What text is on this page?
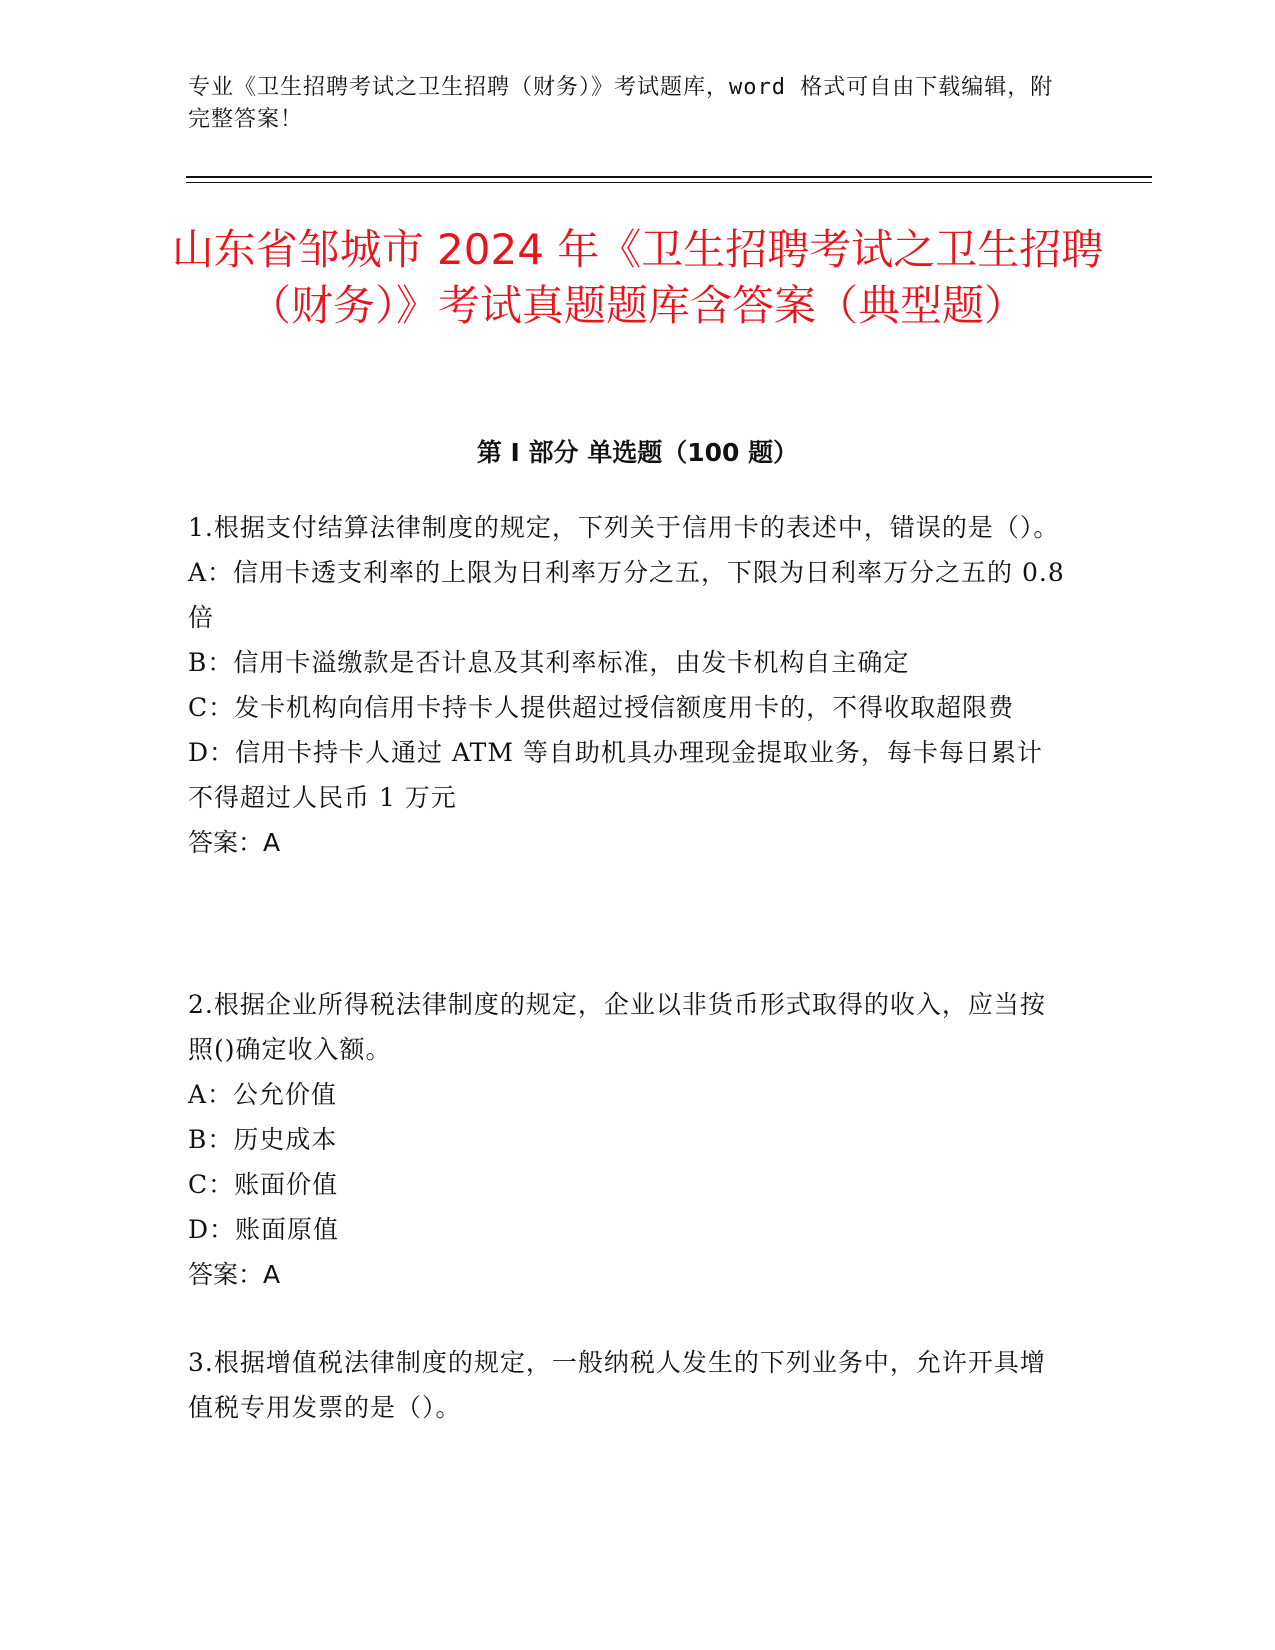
专业《卫生招聘考试之卫生招聘（财务）》考试题库，word 格式可自由下载编辑，附完整答案！
山东省邹城市 2024 年《卫生招聘考试之卫生招聘（财务）》考试真题题库含答案（典型题）
第 I 部分 单选题（100 题）
1.根据支付结算法律制度的规定，下列关于信用卡的表述中，错误的是（）。
A：信用卡透支利率的上限为日利率万分之五，下限为日利率万分之五的 0.8 倍
B：信用卡溢缴款是否计息及其利率标准，由发卡机构自主确定
C：发卡机构向信用卡持卡人提供超过授信额度用卡的，不得收取超限费
D：信用卡持卡人通过 ATM 等自助机具办理现金提取业务，每卡每日累计不得超过人民币 1 万元
答案：A
2.根据企业所得税法律制度的规定，企业以非货币形式取得的收入，应当按照()确定收入额。
A：公允价值
B：历史成本
C：账面价值
D：账面原值
答案：A
3.根据增值税法律制度的规定，一般纳税人发生的下列业务中，允许开具增值税专用发票的是（）。
